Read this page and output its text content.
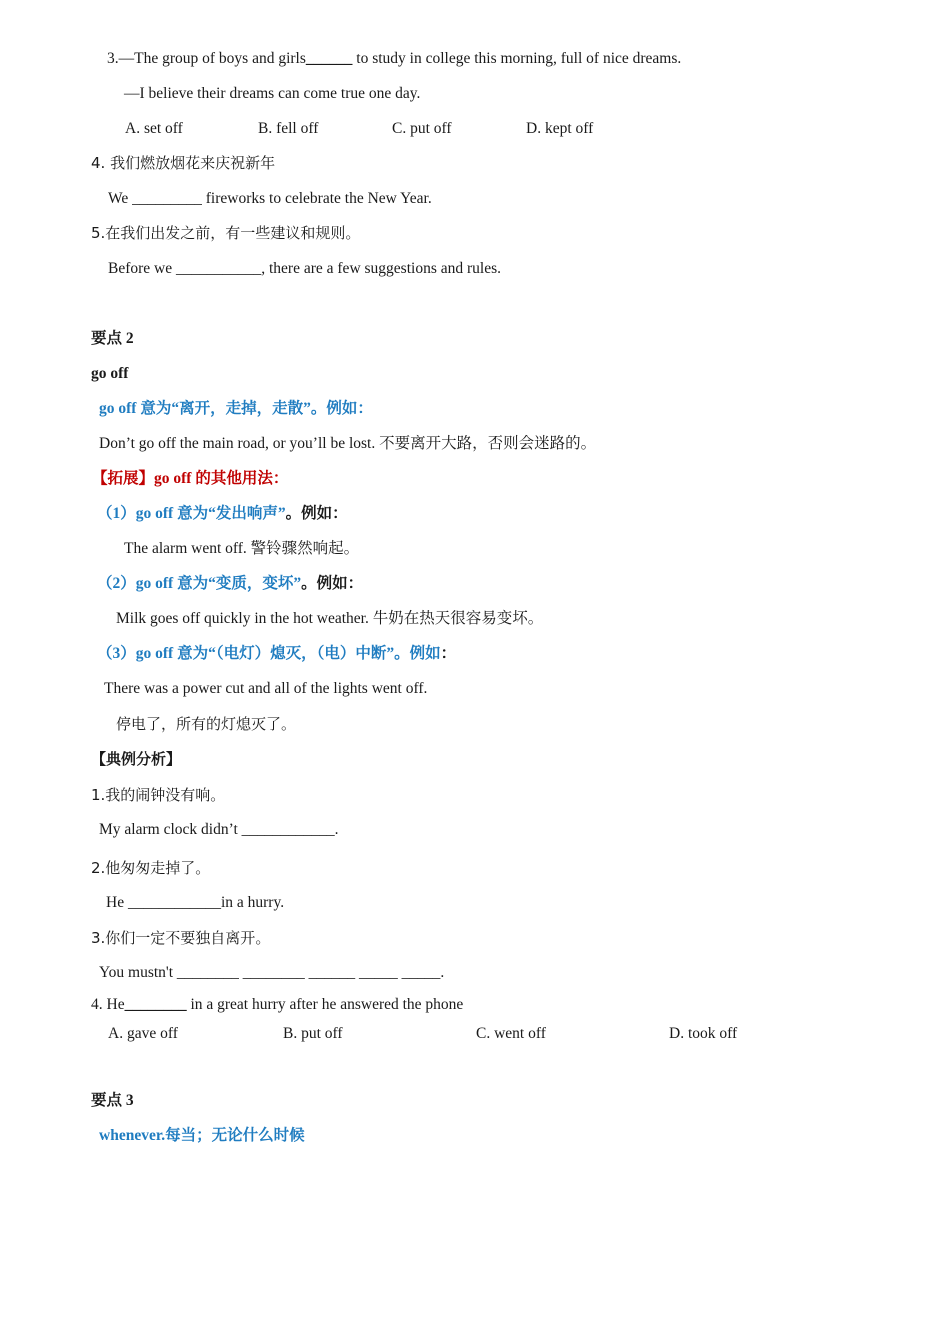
3.—The group of boys and girls______ to study in college this morning, full of nice dreams.
—I believe their dreams can come true one day.
A. set off	B. fell off	C. put off	D. kept off
4. 我们燃放烟花来庆祝新年
We _________ fireworks to celebrate the New Year.
5.在我们出发之前，有一些建议和规则。
Before we ___________, there are a few suggestions and rules.
要点 2
go off
go off 意为“离开，走掉，走散”。例如：
Don’t go off the main road, or you’ll be lost. 不要离开大路，否则会迷路的。
【拓展】go off 的其他用法：
（1）go off 意为“发出响声”。例如：
The alarm went off. 警铃骤然响起。
（2）go off 意为“变质，变坏”。例如：
Milk goes off quickly in the hot weather. 牛奶在热天很容易变坏。
（3）go off 意为“（电灯）熄灭，（电）中断”。例如：
There was a power cut and all of the lights went off.
停电了，所有的灯熄灭了。
【典例分析】
1.我的闹钟没有响。
My alarm clock didn’t ____________.
2.他匆匆走掉了。
He ____________in a hurry.
3.你们一定不要独自离开。
You mustn't ________ ________ ______ _____ _____.
4. He________ in a great hurry after he answered the phone
A. gave off	B. put off	C. went off	D. took off
要点 3
whenever.每当；无论什么时候
